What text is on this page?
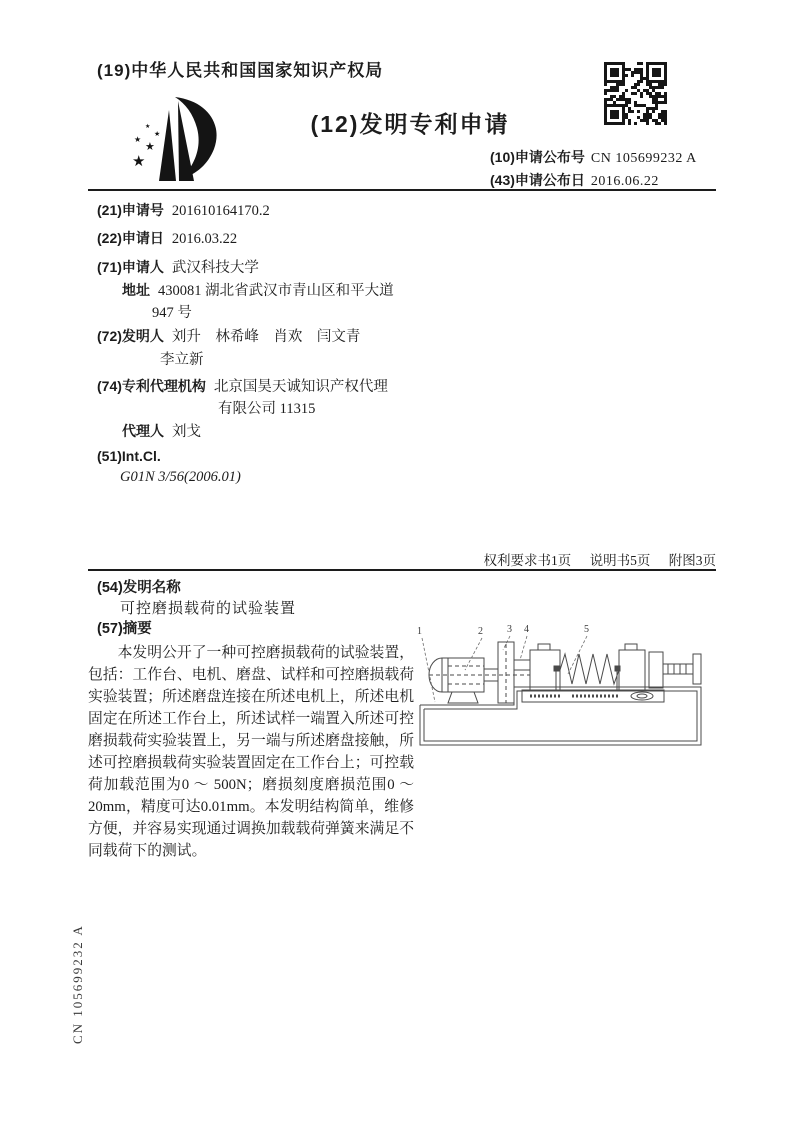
(19)中华人民共和国国家知识产权局
★
★
★
★
★	(12)发明专利申请
(10)申请公布号 CN 105699232 A
(43)申请公布日 2016.06.22
(21)申请号 201610164170.2
(22)申请日 2016.03.22
(71)申请人 武汉科技大学
地址 430081 湖北省武汉市青山区和平大道
947 号
(72)发明人 刘升　林希峰　肖欢　闫文青
李立新
(74)专利代理机构 北京国昊天诚知识产权代理
有限公司 11315
代理人 刘戈
(51)Int.Cl.
G01N 3/56(2006.01)
权利要求书1页 说明书5页 附图3页
(54)发明名称
可控磨损载荷的试验装置
(57)摘要

本发明公开了一种可控磨损载荷的试验装置，包括：工作台、电机、磨盘、试样和可控磨损载荷实验装置；所述磨盘连接在所述电机上，所述电机固定在所述工作台上，所述试样一端置入所述可控磨损载荷实验装置上，另一端与所述磨盘接触，所述可控磨损载荷实验装置固定在工作台上；可控载荷加载范围为0 ～ 500N；磨损刻度磨损范围0 ～ 20mm，精度可达0.01mm。本发明结构简单，维修方便，并容易实现通过调换加载载荷弹簧来满足不同载荷下的测试。

1	2 3 4	5
CN 105699232 A
